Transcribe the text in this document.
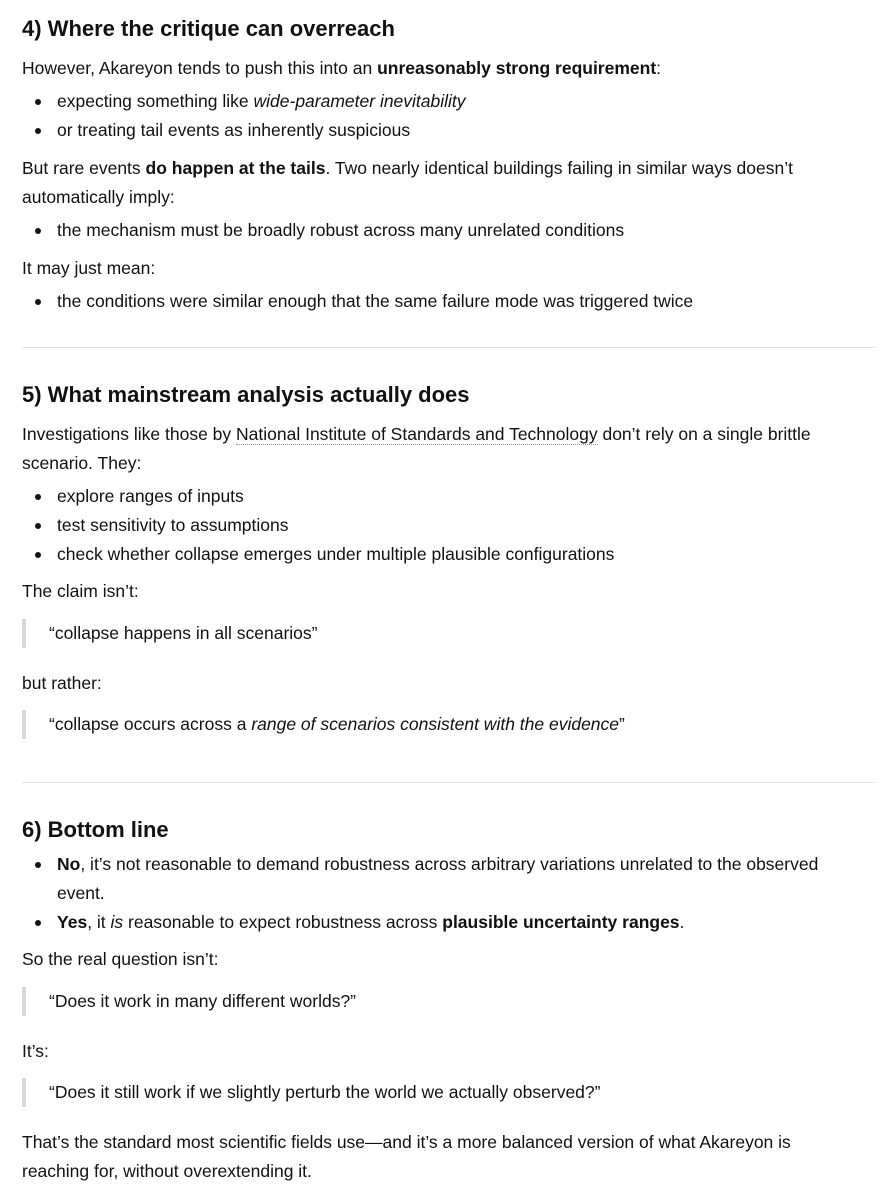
4) Where the critique can overreach

However, Akareyon tends to push this into an unreasonably strong requirement:

expecting something like wide-parameter inevitability
or treating tail events as inherently suspicious

But rare events do happen at the tails. Two nearly identical buildings failing in similar ways doesn’t automatically imply:

the mechanism must be broadly robust across many unrelated conditions

It may just mean:

the conditions were similar enough that the same failure mode was triggered twice
5) What mainstream analysis actually does

Investigations like those by National Institute of Standards and Technology don’t rely on a single brittle scenario. They:

explore ranges of inputs
test sensitivity to assumptions
check whether collapse emerges under multiple plausible configurations

The claim isn’t:

“collapse happens in all scenarios”

but rather:

“collapse occurs across a range of scenarios consistent with the evidence”
6) Bottom line
No, it’s not reasonable to demand robustness across arbitrary variations unrelated to the observed event.
Yes, it is reasonable to expect robustness across plausible uncertainty ranges.

So the real question isn’t:

“Does it work in many different worlds?”

It’s:

“Does it still work if we slightly perturb the world we actually observed?”

That’s the standard most scientific fields use—and it’s a more balanced version of what Akareyon is reaching for, without overextending it.
